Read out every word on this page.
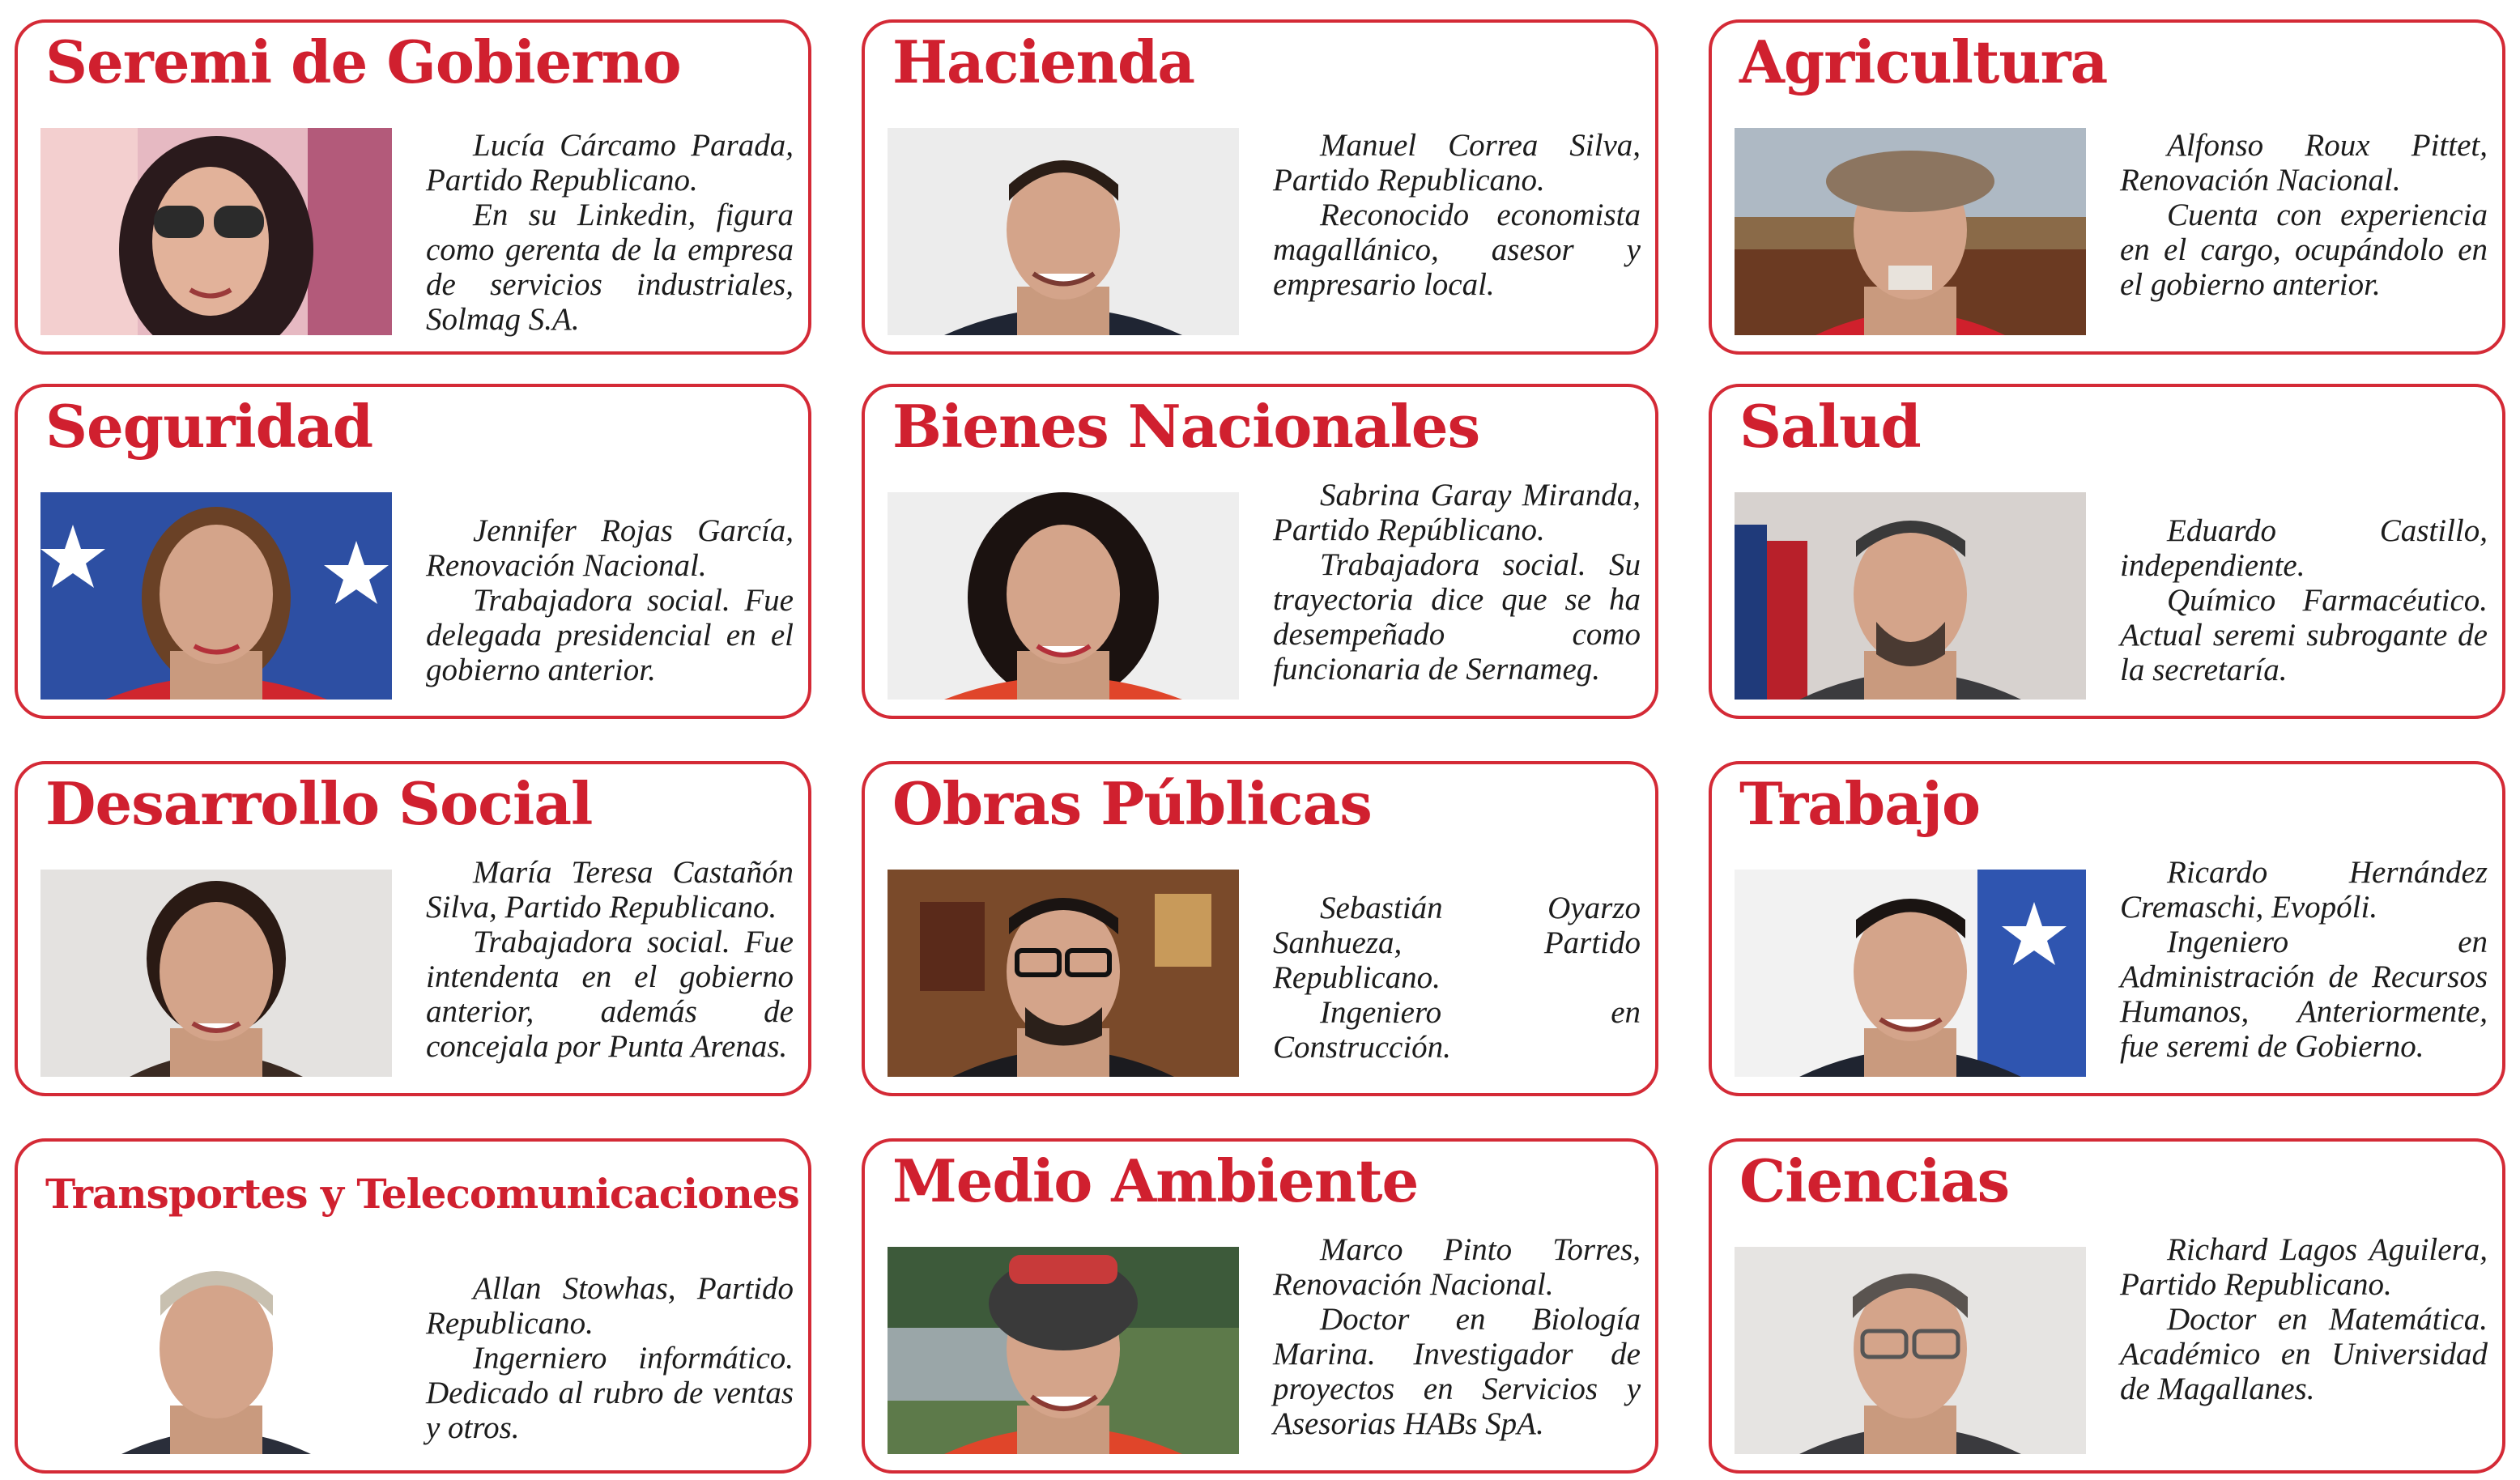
Seremi de Gobierno

Lucía Cárcamo Parada, Partido Republicano.

En su Linkedin, figura como gerenta de la empresa de servicios industriales, Solmag S.A.

Hacienda

Manuel Correa Silva, Partido Republicano.

Reconocido economista magallánico, asesor y empresario local.

Agricultura

Alfonso Roux Pittet, Renovación Nacional.

Cuenta con experiencia en el cargo, ocupándolo en el gobierno anterior.

Seguridad

Jennifer Rojas García, Renovación Nacional.

Trabajadora social. Fue delegada presidencial en el gobierno anterior.

Bienes Nacionales

Sabrina Garay Miranda, Partido Repúblicano.

Trabajadora social. Su trayectoria dice que se ha desempeñado como funcionaria de Sernameg.

Salud

Eduardo Castillo, independiente.

Químico Farmacéutico. Actual seremi subrogante de la secretaría.

Desarrollo Social

María Teresa Castañón Silva, Partido Republicano.

Trabajadora social. Fue intendenta en el gobierno anterior, además de concejala por Punta Arenas.

Obras Públicas

Sebastián Oyarzo Sanhueza, Partido Republicano.

Ingeniero en Construcción.

Trabajo

Ricardo Hernández Cremaschi, Evopóli.

Ingeniero en Administración de Recursos Humanos, Anteriormente, fue seremi de Gobierno.

Transportes y Telecomunicaciones

Allan Stowhas, Partido Republicano.

Ingerniero informático. Dedicado al rubro de ventas y otros.

Medio Ambiente

Marco Pinto Torres, Renovación Nacional.

Doctor en Biología Marina. Investigador de proyectos en Servicios y Asesorias HABs SpA.

Ciencias

Richard Lagos Aguilera, Partido Republicano.

Doctor en Matemática. Académico en Universidad de Magallanes.
